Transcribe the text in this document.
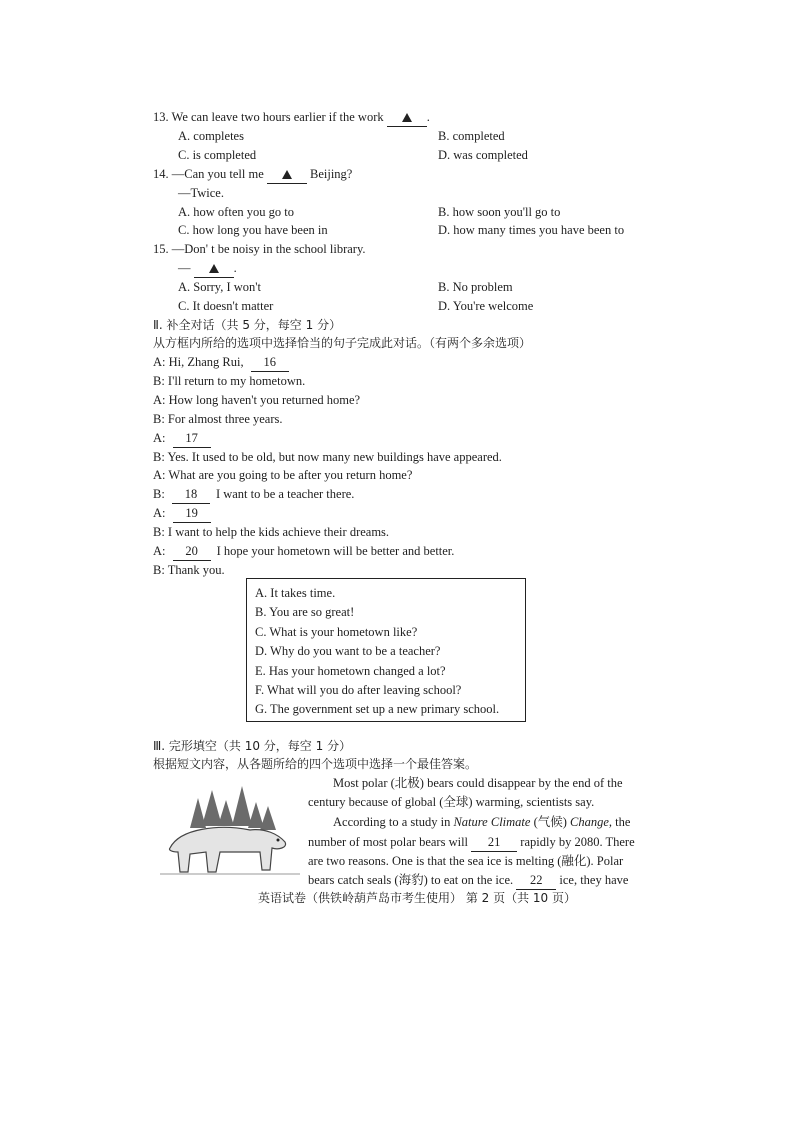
13. We can leave two hours earlier if the work	.
A. completes	B. completed
C. is completed	D. was completed
14. —Can you tell me	Beijing?
—Twice.
A. how often you go to	B. how soon you'll go to
C. how long you have been in	D. how many times you have been to
15. —Don' t be noisy in the school library.
—	.
A. Sorry, I won't	B. No problem
C. It doesn't matter	D. You're welcome
Ⅱ. 补全对话（共 5 分，每空 1 分）
从方框内所给的选项中选择恰当的句子完成此对话。（有两个多余选项）
A: Hi, Zhang Rui, 16
B: I'll return to my hometown.
A: How long haven't you returned home?
B: For almost three years.
A: 17
B: Yes. It used to be old, but now many new buildings have appeared.
A: What are you going to be after you return home?
B: 18 I want to be a teacher there.
A: 19
B: I want to help the kids achieve their dreams.
A: 20 I hope your hometown will be better and better.
B: Thank you.
A. It takes time.
B. You are so great!
C. What is your hometown like?
D. Why do you want to be a teacher?
E. Has your hometown changed a lot?
F. What will you do after leaving school?
G. The government set up a new primary school.
Ⅲ. 完形填空（共 10 分，每空 1 分）
根据短文内容，从各题所给的四个选项中选择一个最佳答案。
Most polar (北极) bears could disappear by the end of the
century because of global (全球) warming, scientists say.
According to a study in Nature Climate (气候) Change, the
number of most polar bears will 21 rapidly by 2080. There
are two reasons. One is that the sea ice is melting (融化). Polar
bears catch seals (海豹) to eat on the ice. 22 ice, they have
英语试卷（供铁岭葫芦岛市考生使用） 第 2 页（共 10 页）
